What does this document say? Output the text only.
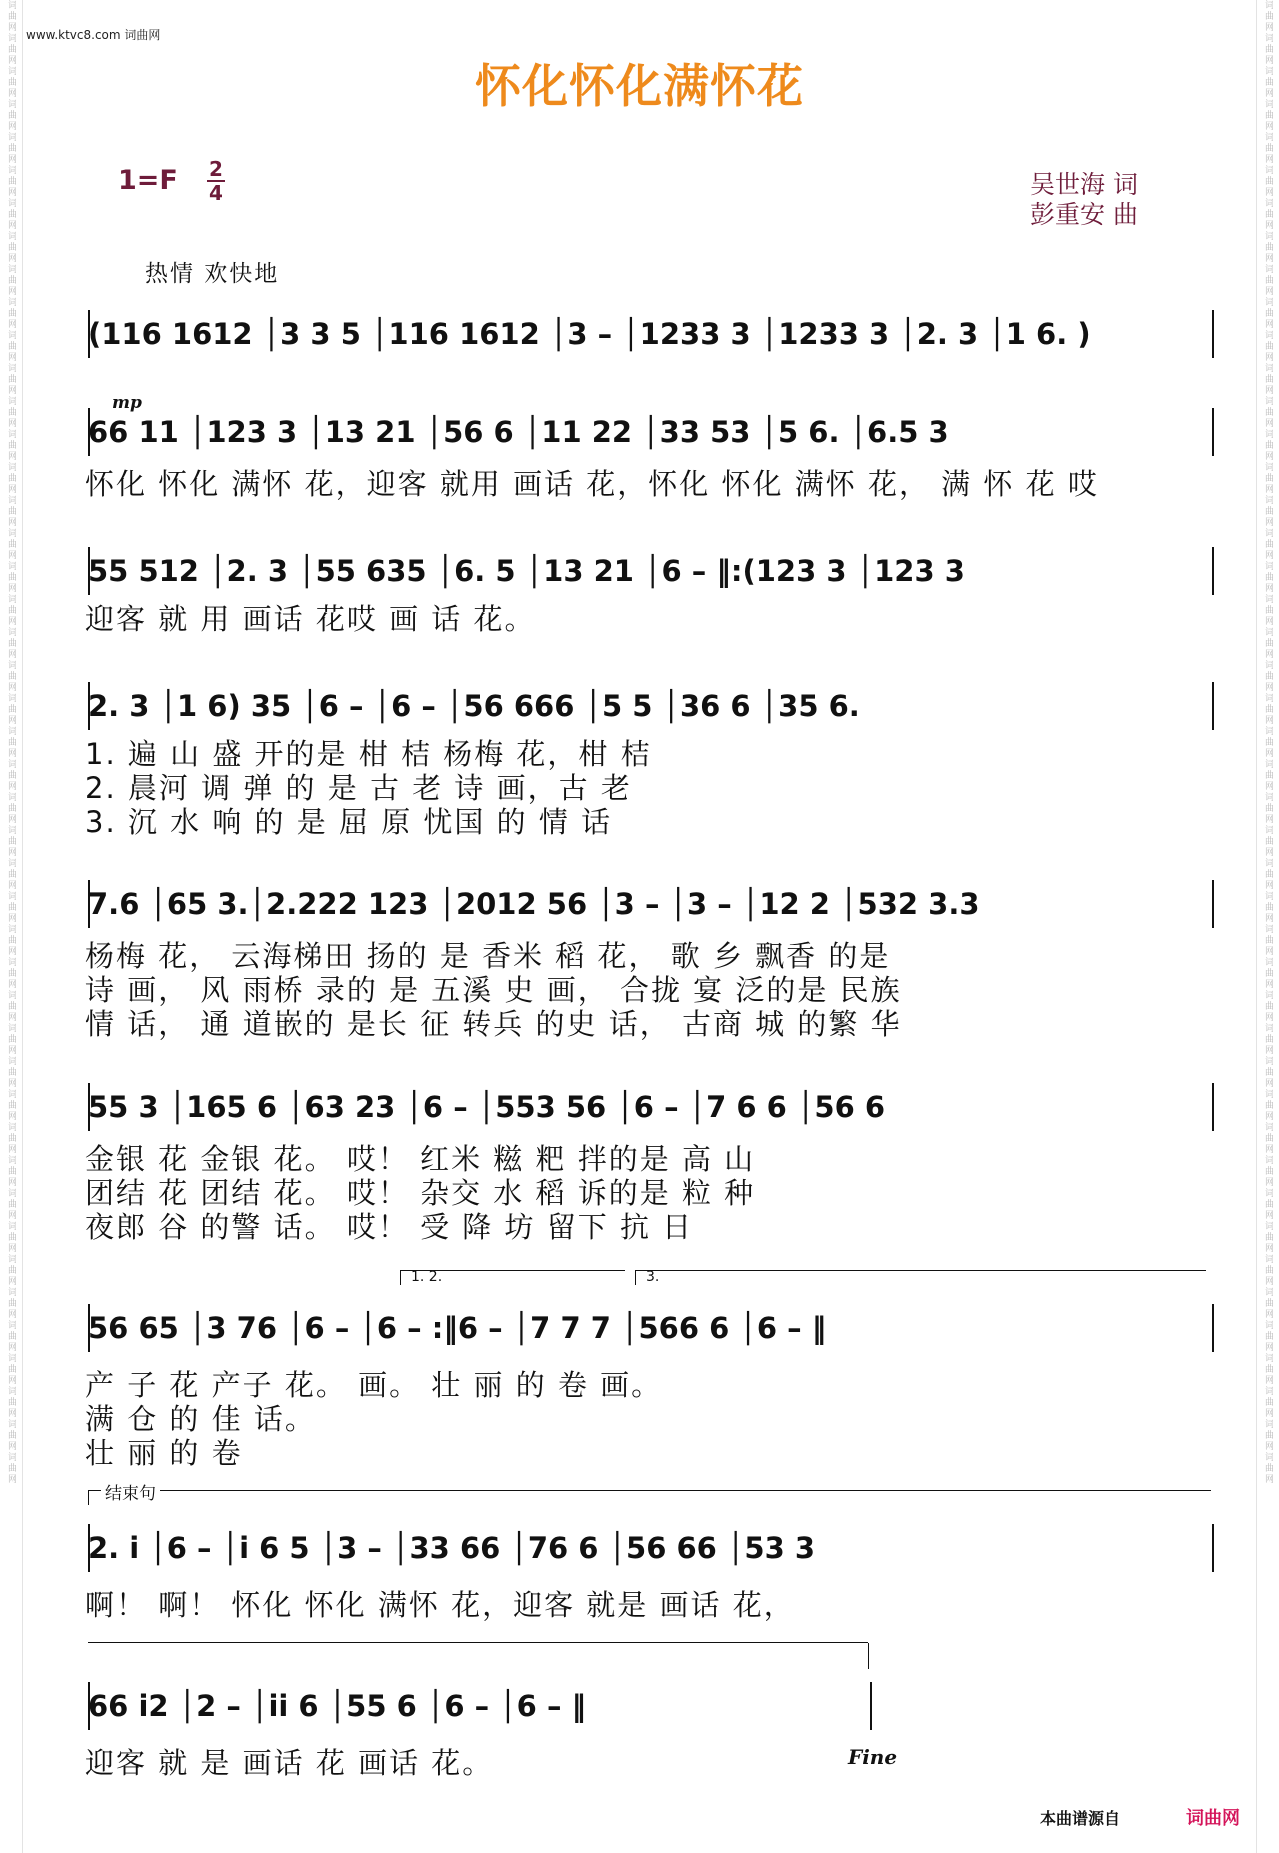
词曲网词曲网词曲网词曲网词曲网词曲网词曲网词曲网词曲网词曲网词曲网词曲网词曲网词曲网词曲网词曲网词曲网词曲网词曲网词曲网词曲网词曲网词曲网词曲网词曲网词曲网词曲网词曲网词曲网词曲网词曲网词曲网词曲网词曲网词曲网词曲网词曲网词曲网词曲网词曲网词曲网词曲网词曲网词曲网词曲网	词曲网词曲网词曲网词曲网词曲网词曲网词曲网词曲网词曲网词曲网词曲网词曲网词曲网词曲网词曲网词曲网词曲网词曲网词曲网词曲网词曲网词曲网词曲网词曲网词曲网词曲网词曲网词曲网词曲网词曲网词曲网词曲网词曲网词曲网词曲网词曲网词曲网词曲网词曲网词曲网词曲网词曲网词曲网词曲网词曲网
www.ktvc8.com 词曲网
怀化怀化满怀花
1=F 2
4	吴世海 词
彭重安 曲
热情 欢快地
mp
(116 1612 │3 3 5 │116 1612 │3 – │1233 3 │1233 3 │2. 3 │1 6. )
66 11 │123 3 │13 21 │56 6 │11 22 │33 53 │5 6. │6.5 3
怀化 怀化 满怀 花，迎客 就用 画话 花，怀化 怀化 满怀 花， 满 怀 花 哎
55 512 │2. 3 │55 635 │6. 5 │13 21 │6 – ‖:(123 3 │123 3
迎客 就 用 画话 花哎 画 话 花。
2. 3 │1 6) 35 │6 – │6 – │56 666 │5 5 │36 6 │35 6.
1. 遍 山 盛 开的是 柑 桔 杨梅 花，柑 桔
2. 晨河 调 弹 的 是 古 老 诗 画，古 老
3. 沉 水 响 的 是 屈 原 忧国 的 情 话
7.6 │65 3.│2.222 123 │2012 56 │3 – │3 – │12 2 │532 3.3
杨梅 花， 云海梯田 扬的 是 香米 稻 花， 歌 乡 飘香 的是
诗 画， 风 雨桥 录的 是 五溪 史 画， 合拢 宴 泛的是 民族
情 话， 通 道嵌的 是长 征 转兵 的史 话， 古商 城 的繁 华
55 3 │165 6 │63 23 │6 – │553 56 │6 – │7 6 6 │56 6
金银 花 金银 花。 哎！ 红米 糍 粑 拌的是 高 山
团结 花 团结 花。 哎！ 杂交 水 稻 诉的是 粒 种
夜郎 谷 的警 话。 哎！ 受 降 坊 留下 抗 日
1. 2.	3.
56 65 │3 76 │6 – │6 – :‖6 – │7 7 7 │566 6 │6 – ‖
产 子 花 产子 花。 画。 壮 丽 的 卷 画。
满 仓 的 佳 话。
壮 丽 的 卷
结束句
2. i │6 – │i 6 5 │3 – │33 66 │76 6 │56 66 │53 3
啊！ 啊！ 怀化 怀化 满怀 花，迎客 就是 画话 花，
66 i2 │2 – │ii 6 │55 6 │6 – │6 – ‖
迎客 就 是 画话 花 画话 花。	Fine
本曲谱源自	词曲网
